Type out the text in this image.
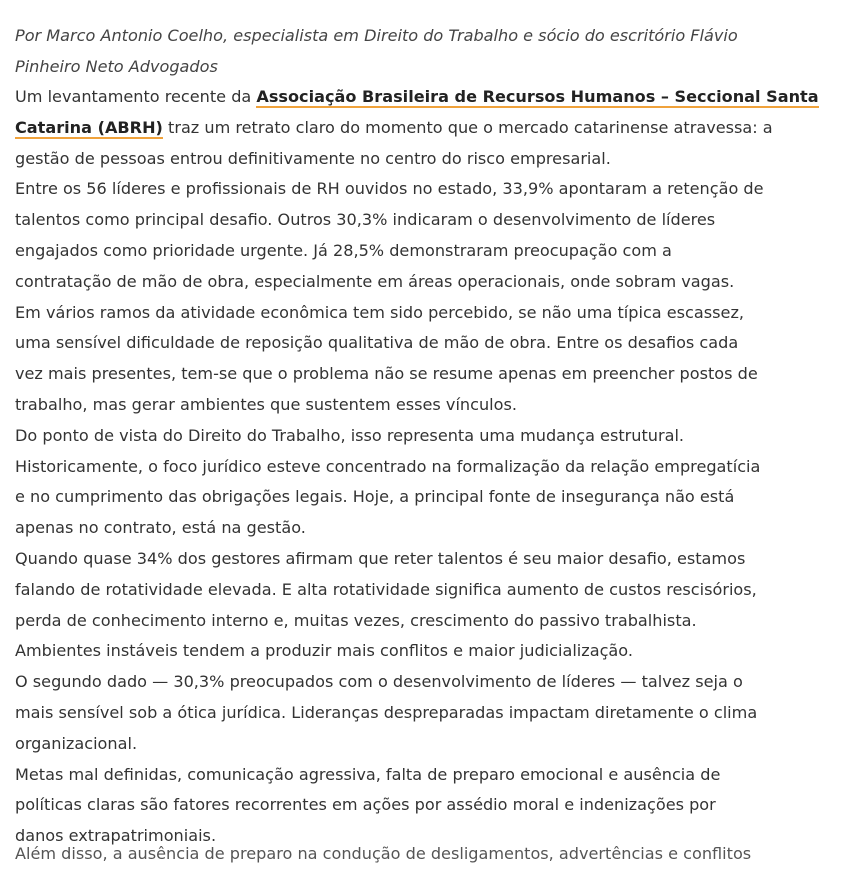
Por Marco Antonio Coelho, especialista em Direito do Trabalho e sócio do escritório Flávio
Pinheiro Neto Advogados

Um levantamento recente da Associação Brasileira de Recursos Humanos – Seccional Santa Catarina (ABRH) traz um retrato claro do momento que o mercado catarinense atravessa: a
gestão de pessoas entrou definitivamente no centro do risco empresarial.

Entre os 56 líderes e profissionais de RH ouvidos no estado, 33,9% apontaram a retenção de
talentos como principal desafio. Outros 30,3% indicaram o desenvolvimento de líderes
engajados como prioridade urgente. Já 28,5% demonstraram preocupação com a
contratação de mão de obra, especialmente em áreas operacionais, onde sobram vagas.

Em vários ramos da atividade econômica tem sido percebido, se não uma típica escassez,
uma sensível dificuldade de reposição qualitativa de mão de obra. Entre os desafios cada
vez mais presentes, tem-se que o problema não se resume apenas em preencher postos de
trabalho, mas gerar ambientes que sustentem esses vínculos.

Do ponto de vista do Direito do Trabalho, isso representa uma mudança estrutural.
Historicamente, o foco jurídico esteve concentrado na formalização da relação empregatícia
e no cumprimento das obrigações legais. Hoje, a principal fonte de insegurança não está
apenas no contrato, está na gestão.

Quando quase 34% dos gestores afirmam que reter talentos é seu maior desafio, estamos
falando de rotatividade elevada. E alta rotatividade significa aumento de custos rescisórios,
perda de conhecimento interno e, muitas vezes, crescimento do passivo trabalhista.
Ambientes instáveis tendem a produzir mais conflitos e maior judicialização.

O segundo dado — 30,3% preocupados com o desenvolvimento de líderes — talvez seja o
mais sensível sob a ótica jurídica. Lideranças despreparadas impactam diretamente o clima
organizacional.

Metas mal definidas, comunicação agressiva, falta de preparo emocional e ausência de
políticas claras são fatores recorrentes em ações por assédio moral e indenizações por
danos extrapatrimoniais.

Além disso, a ausência de preparo na condução de desligamentos, advertências e conflitos
